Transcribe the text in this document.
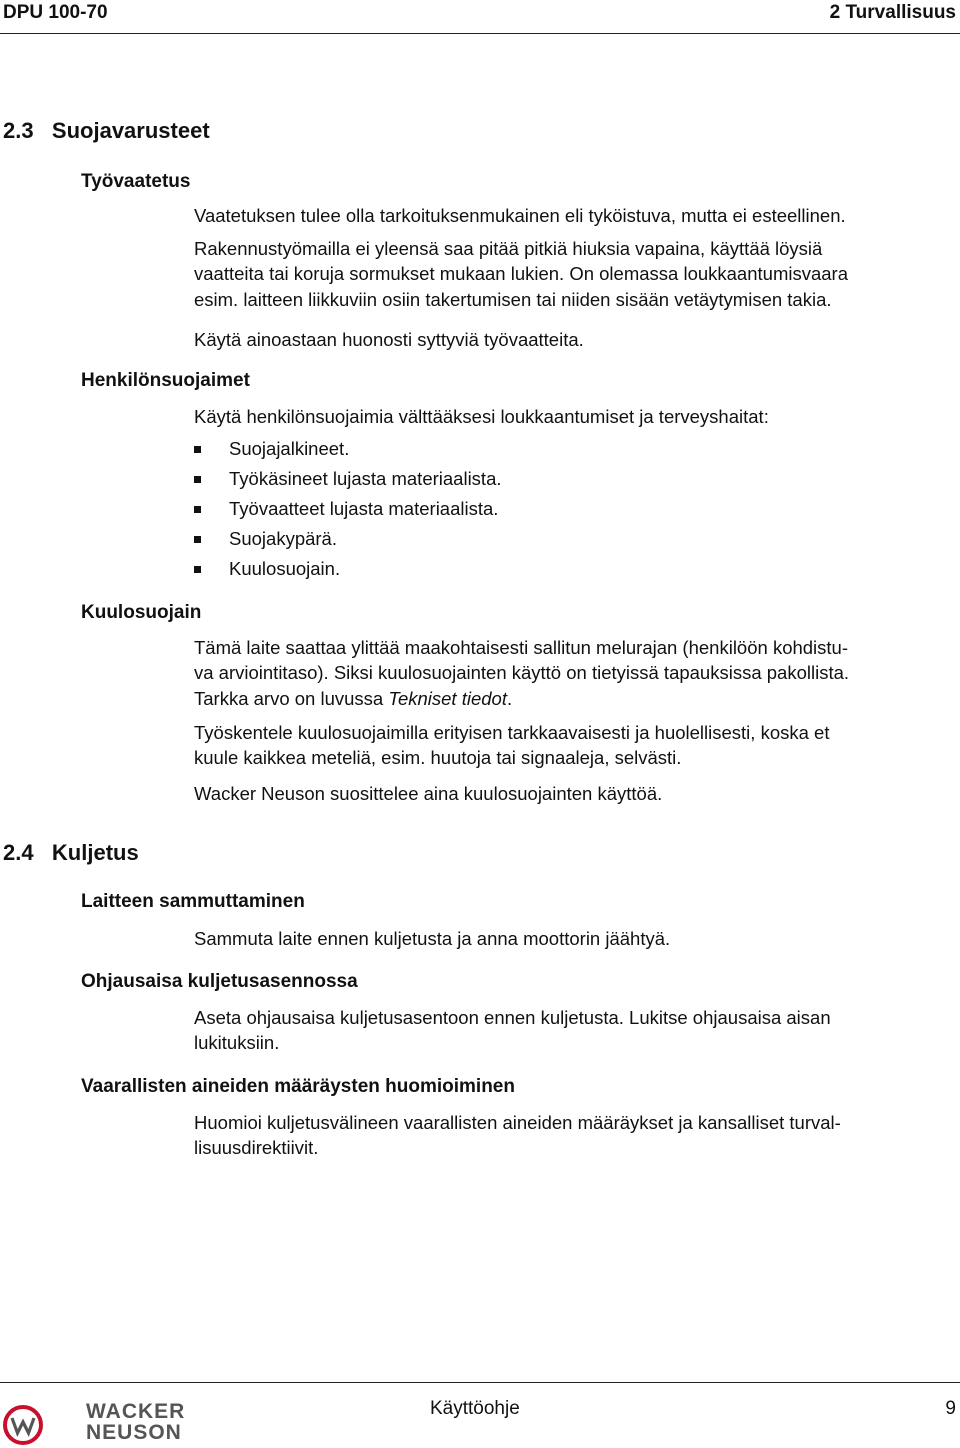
DPU 100-70	2 Turvallisuus
2.3   Suojavarusteet
Työvaatetus
Vaatetuksen tulee olla tarkoituksenmukainen eli tyköistuva, mutta ei esteellinen.
Rakennustyömailla ei yleensä saa pitää pitkiä hiuksia vapaina, käyttää löysiä
vaatteita tai koruja sormukset mukaan lukien. On olemassa loukkaantumisvaara
esim. laitteen liikkuviin osiin takertumisen tai niiden sisään vetäytymisen takia.
Käytä ainoastaan huonosti syttyviä työvaatteita.
Henkilönsuojaimet
Käytä henkilönsuojaimia välttääksesi loukkaantumiset ja terveyshaitat:
Suojajalkineet.
Työkäsineet lujasta materiaalista.
Työvaatteet lujasta materiaalista.
Suojakypärä.
Kuulosuojain.
Kuulosuojain
Tämä laite saattaa ylittää maakohtaisesti sallitun melurajan (henkilöön kohdistu-
va arviointitaso). Siksi kuulosuojainten käyttö on tietyissä tapauksissa pakollista.
Tarkka arvo on luvussa Tekniset tiedot.
Työskentele kuulosuojaimilla erityisen tarkkaavaisesti ja huolellisesti, koska et
kuule kaikkea meteliä, esim. huutoja tai signaaleja, selvästi.
Wacker Neuson suosittelee aina kuulosuojainten käyttöä.
2.4   Kuljetus
Laitteen sammuttaminen
Sammuta laite ennen kuljetusta ja anna moottorin jäähtyä.
Ohjausaisa kuljetusasennossa
Aseta ohjausaisa kuljetusasentoon ennen kuljetusta. Lukitse ohjausaisa aisan
lukituksiin.
Vaarallisten aineiden määräysten huomioiminen
Huomioi kuljetusvälineen vaarallisten aineiden määräykset ja kansalliset turval-
lisuusdirektiivit.
WACKER
NEUSON
Käyttöohje	9
